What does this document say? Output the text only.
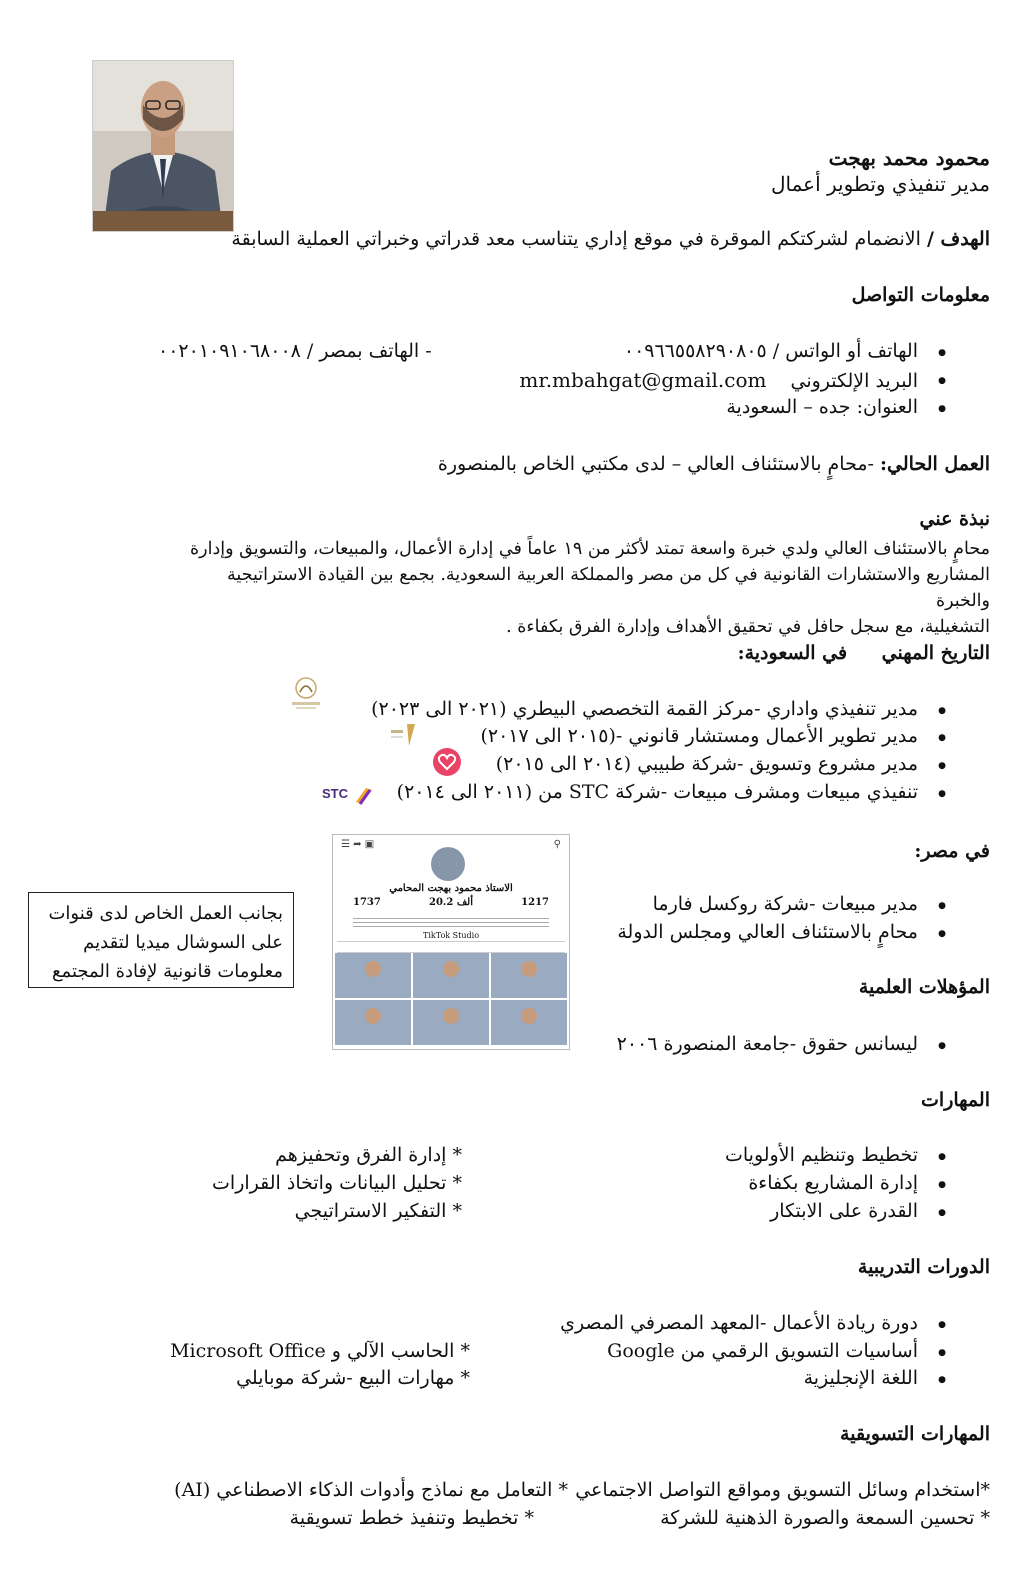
محمود محمد بهجت
مدير تنفيذي وتطوير أعمال
الهدف / الانضمام لشركتكم الموقرة في موقع إداري يتناسب معد قدراتي وخبراتي العملية السابقة
معلومات التواصل
● الهاتف أو الواتس / ٠٠٩٦٦٥٥٨٢٩٠٨٠٥
- الهاتف بمصر / ٠٠٢٠١٠٩١٠٦٨٠٠٨
● البريد الإلكتروني mr.mbahgat@gmail.com
● العنوان: جده – السعودية
العمل الحالي: -محامٍ بالاستئناف العالي – لدى مكتبي الخاص بالمنصورة
نبذة عني
محامٍ بالاستئناف العالي ولدي خبرة واسعة تمتد لأكثر من ١٩ عاماً في إدارة الأعمال، والمبيعات، والتسويق وإدارة
المشاريع والاستشارات القانونية في كل من مصر والمملكة العربية السعودية. بجمع بين القيادة الاستراتيجية والخبرة
التشغيلية، مع سجل حافل في تحقيق الأهداف وإدارة الفرق بكفاءة .
التاريخ المهني في السعودية:
● مدير تنفيذي واداري -مركز القمة التخصصي البيطري (٢٠٢١ الى ٢٠٢٣)
● مدير تطوير الأعمال ومستشار قانوني -(٢٠١٥ الى ٢٠١٧)
● مدير مشروع وتسويق -شركة طبيبي (٢٠١٤ الى ٢٠١٥)
● تنفيذي مبيعات ومشرف مبيعات -شركة STC من (٢٠١١ الى ٢٠١٤)
STC
في مصر:
● مدير مبيعات -شركة روكسل فارما
● محامٍ بالاستئناف العالي ومجلس الدولة
بجانب العمل الخاص لدى قنوات
على السوشال ميديا لتقديم
معلومات قانونية لإفادة المجتمع
☰ ➦ ▣	⚲
الاستاذ محمود بهجت المحامي
1737	20.2 ألف	1217
TikTok Studio
المؤهلات العلمية
● ليسانس حقوق -جامعة المنصورة ٢٠٠٦
المهارات
● تخطيط وتنظيم الأولويات
● إدارة المشاريع بكفاءة
● القدرة على الابتكار
* إدارة الفرق وتحفيزهم
* تحليل البيانات واتخاذ القرارات
* التفكير الاستراتيجي
الدورات التدريبية
● دورة ريادة الأعمال -المعهد المصرفي المصري
● أساسيات التسويق الرقمي من Google
● اللغة الإنجليزية
* الحاسب الآلي و Microsoft Office
* مهارات البيع -شركة موبايلي
المهارات التسويقية
*استخدام وسائل التسويق ومواقع التواصل الاجتماعي
* تحسين السمعة والصورة الذهنية للشركة
* التعامل مع نماذج وأدوات الذكاء الاصطناعي (AI)
* تخطيط وتنفيذ خطط تسويقية
